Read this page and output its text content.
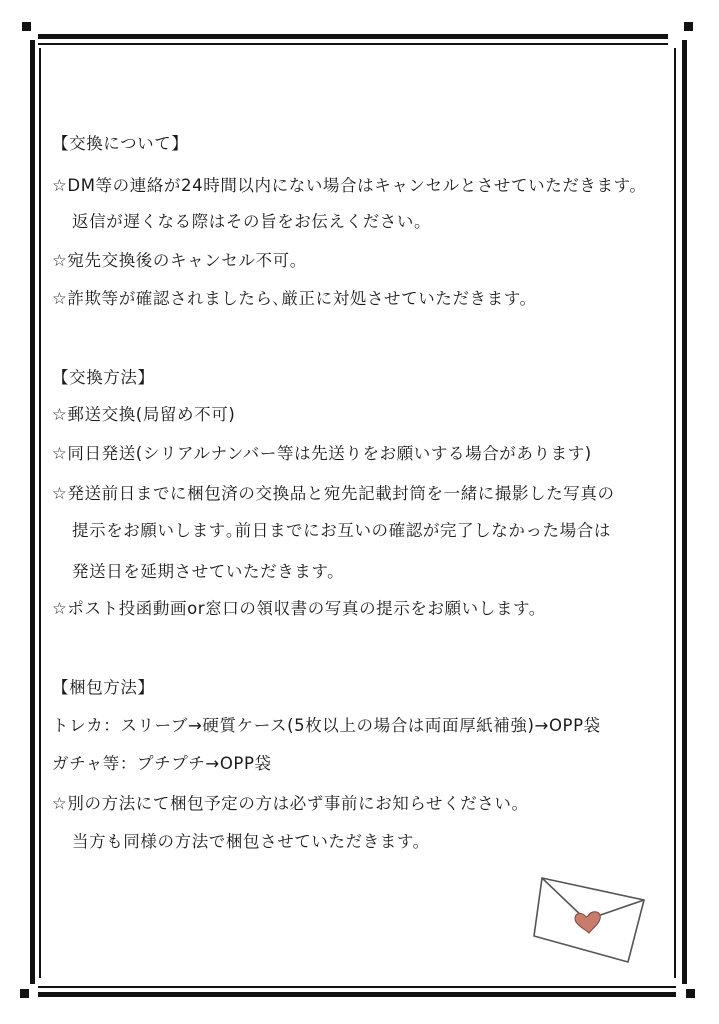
【交換について】
☆DM等の連絡が24時間以内にない場合はキャンセルとさせていただきます。
返信が遅くなる際はその旨をお伝えください。
☆宛先交換後のキャンセル不可。
☆詐欺等が確認されましたら､厳正に対処させていただきます。
【交換方法】
☆郵送交換(局留め不可)
☆同日発送(シリアルナンバー等は先送りをお願いする場合があります)
☆発送前日までに梱包済の交換品と宛先記載封筒を一緒に撮影した写真の
提示をお願いします｡前日までにお互いの確認が完了しなかった場合は
発送日を延期させていただきます。
☆ポスト投函動画or窓口の領収書の写真の提示をお願いします。
【梱包方法】
トレカ：スリーブ→硬質ケース(5枚以上の場合は両面厚紙補強)→OPP袋
ガチャ等：プチプチ→OPP袋
☆別の方法にて梱包予定の方は必ず事前にお知らせください。
当方も同様の方法で梱包させていただきます。
